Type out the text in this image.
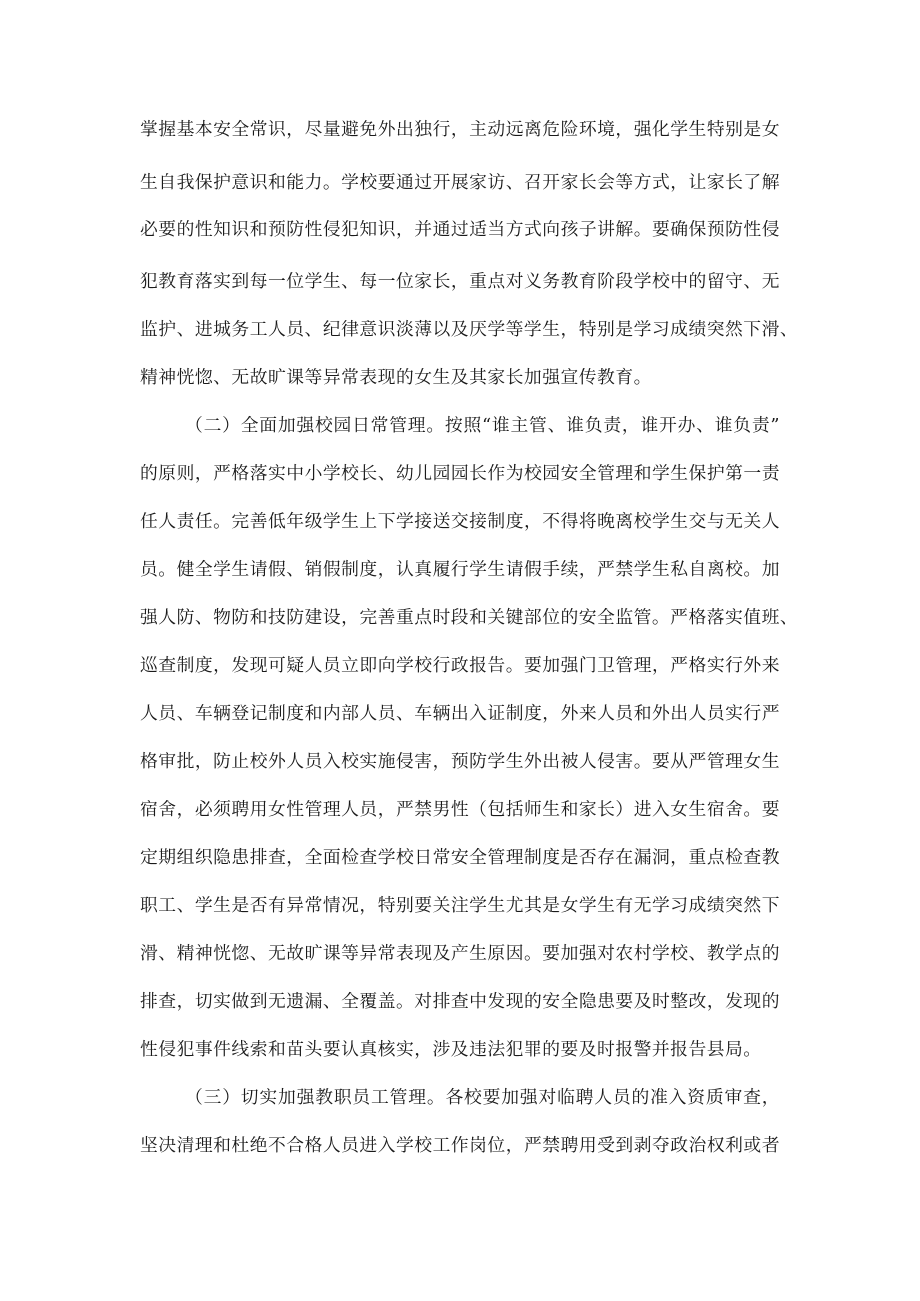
掌握基本安全常识，尽量避免外出独行，主动远离危险环境，强化学生特别是女
生自我保护意识和能力。学校要通过开展家访、召开家长会等方式，让家长了解
必要的性知识和预防性侵犯知识，并通过适当方式向孩子讲解。要确保预防性侵
犯教育落实到每一位学生、每一位家长，重点对义务教育阶段学校中的留守、无
监护、进城务工人员、纪律意识淡薄以及厌学等学生，特别是学习成绩突然下滑、
精神恍惚、无故旷课等异常表现的女生及其家长加强宣传教育。
（二）全面加强校园日常管理。按照“谁主管、谁负责，谁开办、谁负责”
的原则，严格落实中小学校长、幼儿园园长作为校园安全管理和学生保护第一责
任人责任。完善低年级学生上下学接送交接制度，不得将晚离校学生交与无关人
员。健全学生请假、销假制度，认真履行学生请假手续，严禁学生私自离校。加
强人防、物防和技防建设，完善重点时段和关键部位的安全监管。严格落实值班、
巡查制度，发现可疑人员立即向学校行政报告。要加强门卫管理，严格实行外来
人员、车辆登记制度和内部人员、车辆出入证制度，外来人员和外出人员实行严
格审批，防止校外人员入校实施侵害，预防学生外出被人侵害。要从严管理女生
宿舍，必须聘用女性管理人员，严禁男性（包括师生和家长）进入女生宿舍。要
定期组织隐患排查，全面检查学校日常安全管理制度是否存在漏洞，重点检查教
职工、学生是否有异常情况，特别要关注学生尤其是女学生有无学习成绩突然下
滑、精神恍惚、无故旷课等异常表现及产生原因。要加强对农村学校、教学点的
排查，切实做到无遗漏、全覆盖。对排查中发现的安全隐患要及时整改，发现的
性侵犯事件线索和苗头要认真核实，涉及违法犯罪的要及时报警并报告县局。
（三）切实加强教职员工管理。各校要加强对临聘人员的准入资质审查，
坚决清理和杜绝不合格人员进入学校工作岗位，严禁聘用受到剥夺政治权利或者
